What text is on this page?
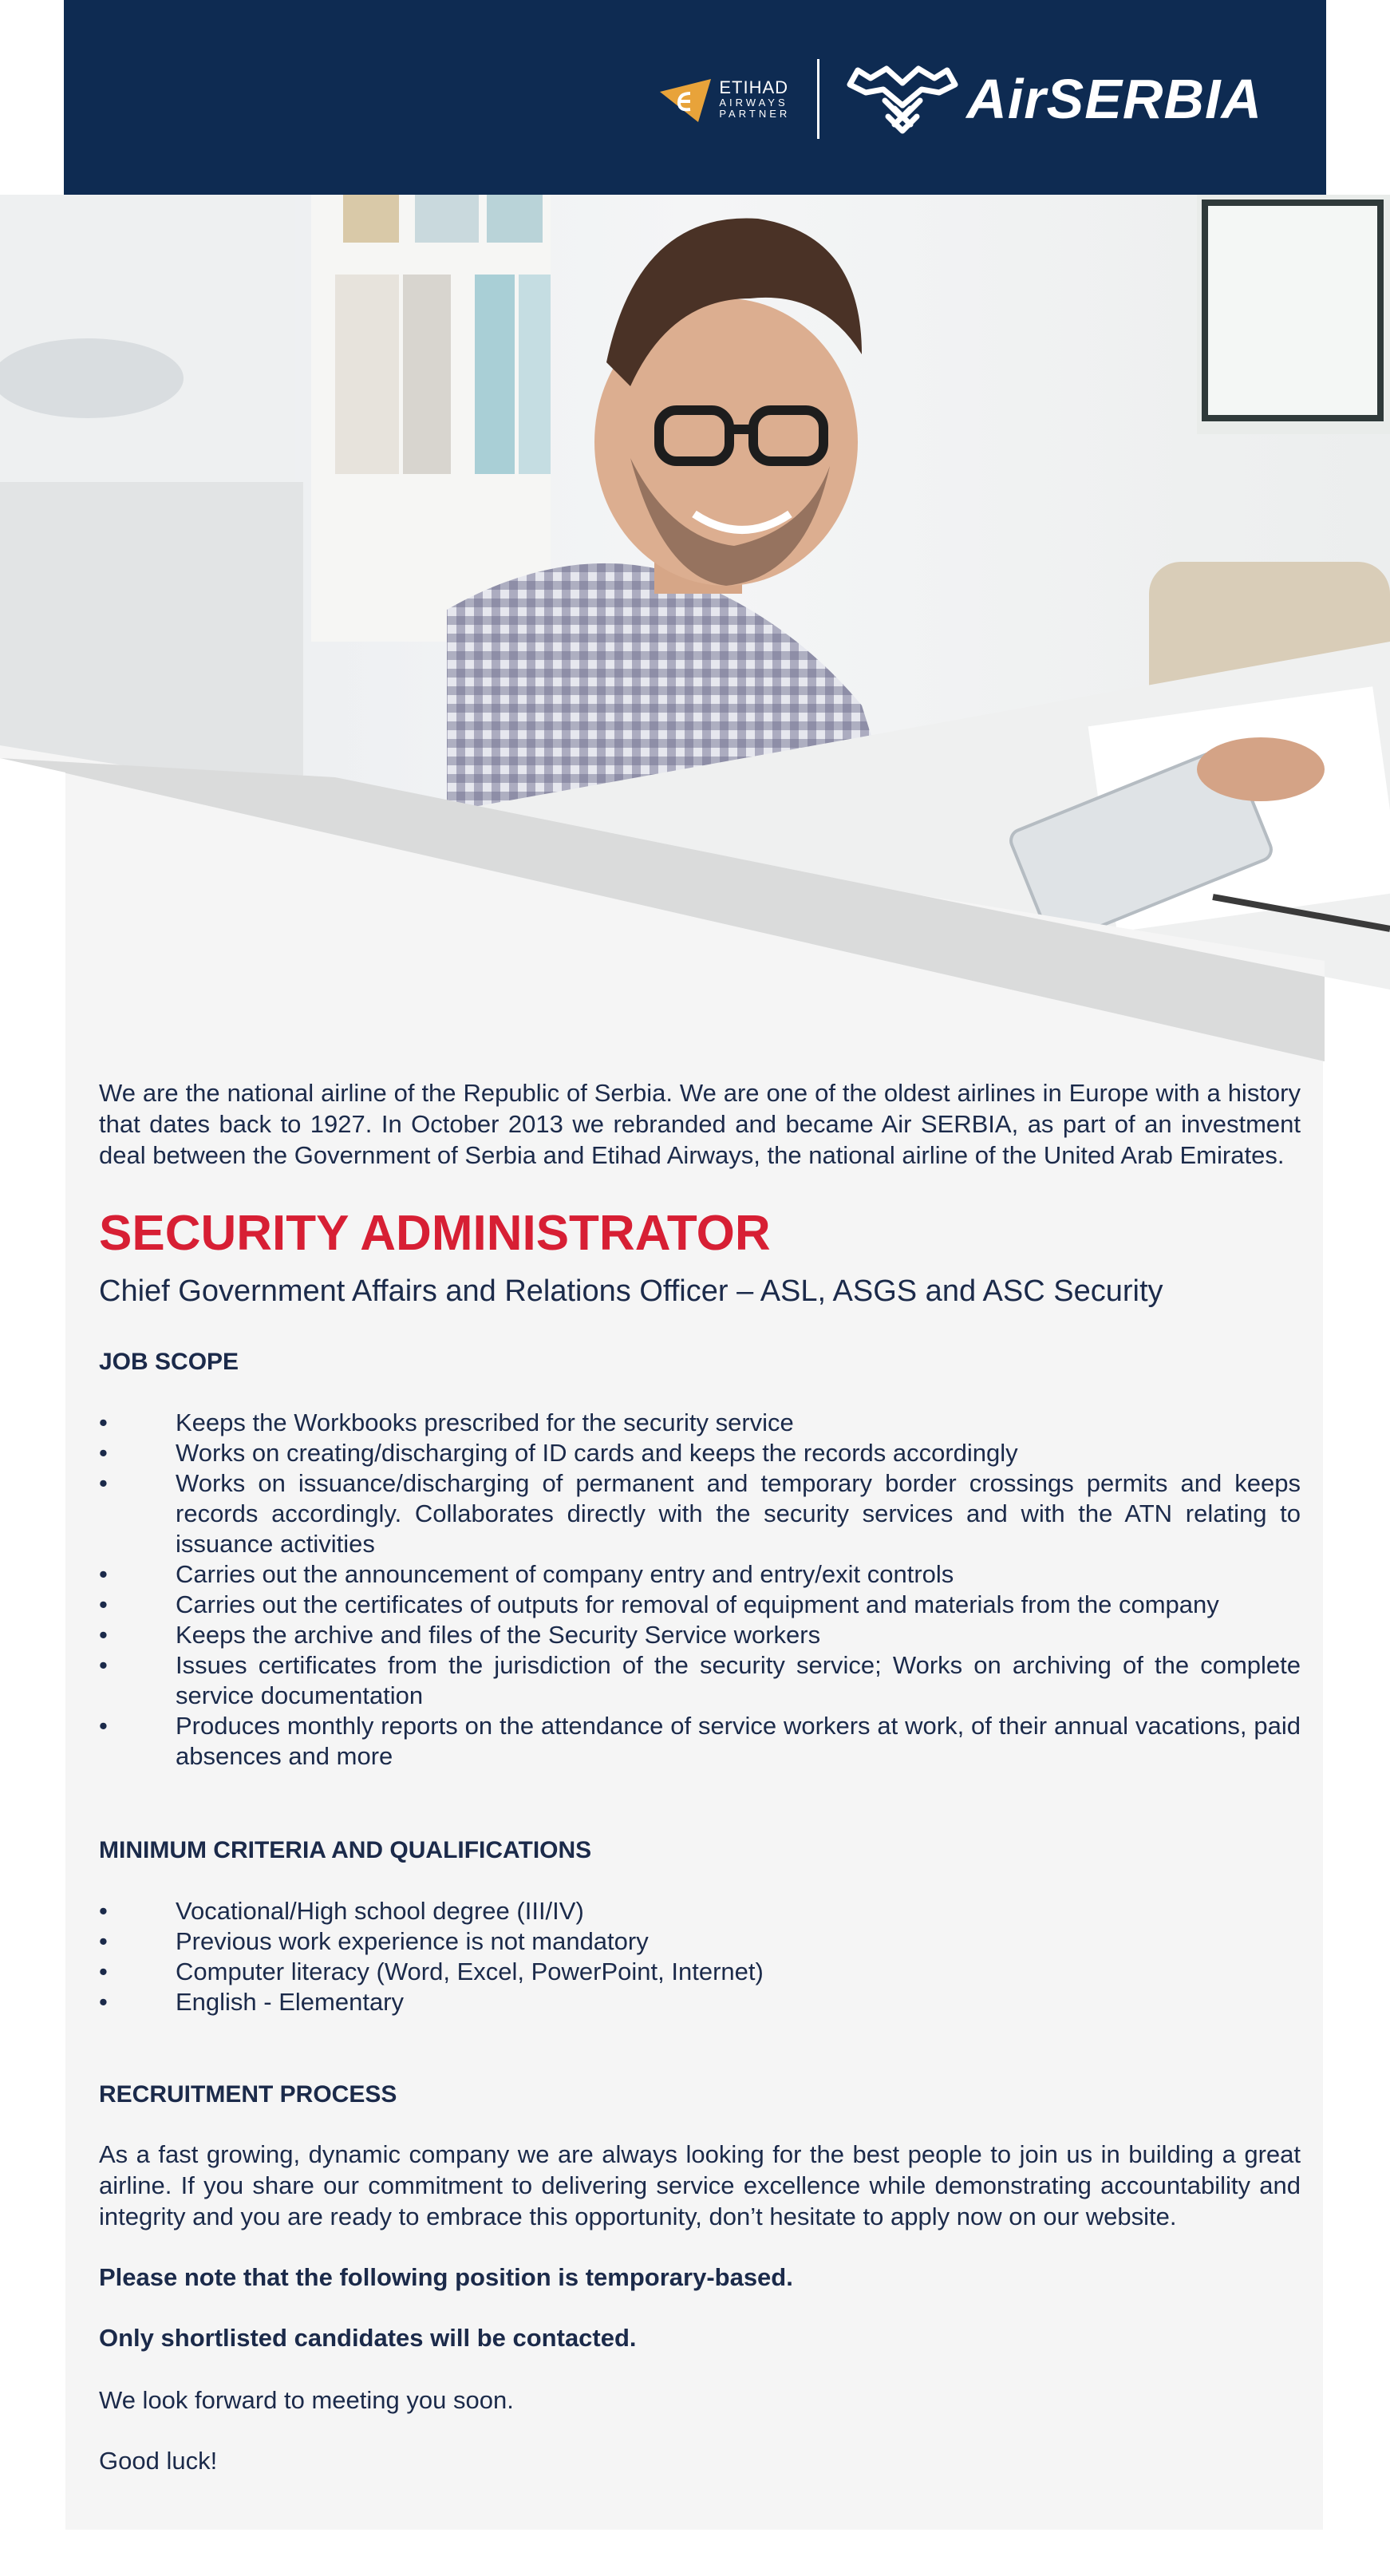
ETIHAD
AIRWAYS
PARTNER	AirSERBIA

We are the national airline of the Republic of Serbia. We are one of the oldest airlines in Europe with a history that dates back to 1927. In October 2013 we rebranded and became Air SERBIA, as part of an investment deal between the Government of Serbia and Etihad Airways, the national airline of the United Arab Emirates.

SECURITY ADMINISTRATOR
Chief Government Affairs and Relations Officer – ASL, ASGS and ASC Security
JOB SCOPE
• Keeps the Workbooks prescribed for the security service
• Works on creating/discharging of ID cards and keeps the records accordingly
• Works on issuance/discharging of permanent and temporary border crossings permits and keeps records accordingly. Collaborates directly with the security services and with the ATN relating to issuance activities
• Carries out the announcement of company entry and entry/exit controls
• Carries out the certificates of outputs for removal of equipment and materials from the company
• Keeps the archive and files of the Security Service workers
• Issues certificates from the jurisdiction of the security service; Works on archiving of the complete service documentation
• Produces monthly reports on the attendance of service workers at work, of their annual vacations, paid absences and more
MINIMUM CRITERIA AND QUALIFICATIONS
• Vocational/High school degree (III/IV)
• Previous work experience is not mandatory
• Computer literacy (Word, Excel, PowerPoint, Internet)
• English - Elementary
RECRUITMENT PROCESS

As a fast growing, dynamic company we are always looking for the best people to join us in building a great airline. If you share our commitment to delivering service excellence while demonstrating accountability and integrity and you are ready to embrace this opportunity, don’t hesitate to apply now on our website.

Please note that the following position is temporary-based.

Only shortlisted candidates will be contacted.

We look forward to meeting you soon.

Good luck!
